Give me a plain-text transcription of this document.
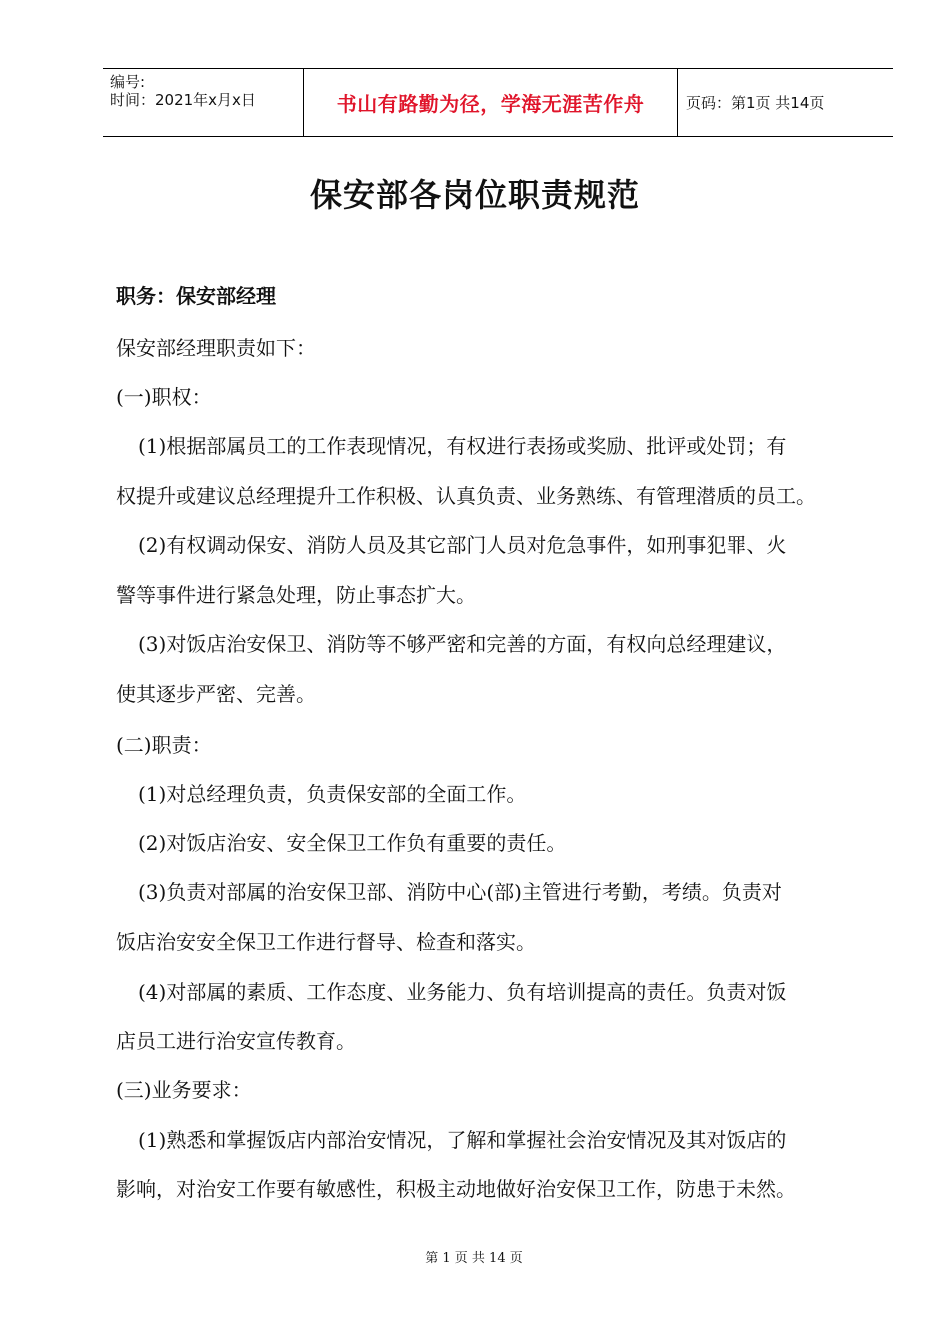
编号:
时间：2021年x月x日	书山有路勤为径，学海无涯苦作舟	页码：第1页 共14页
保安部各岗位职责规范
职务：保安部经理
保安部经理职责如下：
(一)职权：
(1)根据部属员工的工作表现情况，有权进行表扬或奖励、批评或处罚；有
权提升或建议总经理提升工作积极、认真负责、业务熟练、有管理潜质的员工。
(2)有权调动保安、消防人员及其它部门人员对危急事件，如刑事犯罪、火
警等事件进行紧急处理，防止事态扩大。
(3)对饭店治安保卫、消防等不够严密和完善的方面，有权向总经理建议，
使其逐步严密、完善。
(二)职责：
(1)对总经理负责，负责保安部的全面工作。
(2)对饭店治安、安全保卫工作负有重要的责任。
(3)负责对部属的治安保卫部、消防中心(部)主管进行考勤，考绩。负责对
饭店治安安全保卫工作进行督导、检查和落实。
(4)对部属的素质、工作态度、业务能力、负有培训提高的责任。负责对饭
店员工进行治安宣传教育。
(三)业务要求：
(1)熟悉和掌握饭店内部治安情况，了解和掌握社会治安情况及其对饭店的
影响，对治安工作要有敏感性，积极主动地做好治安保卫工作，防患于未然。
第 1 页 共 14 页
